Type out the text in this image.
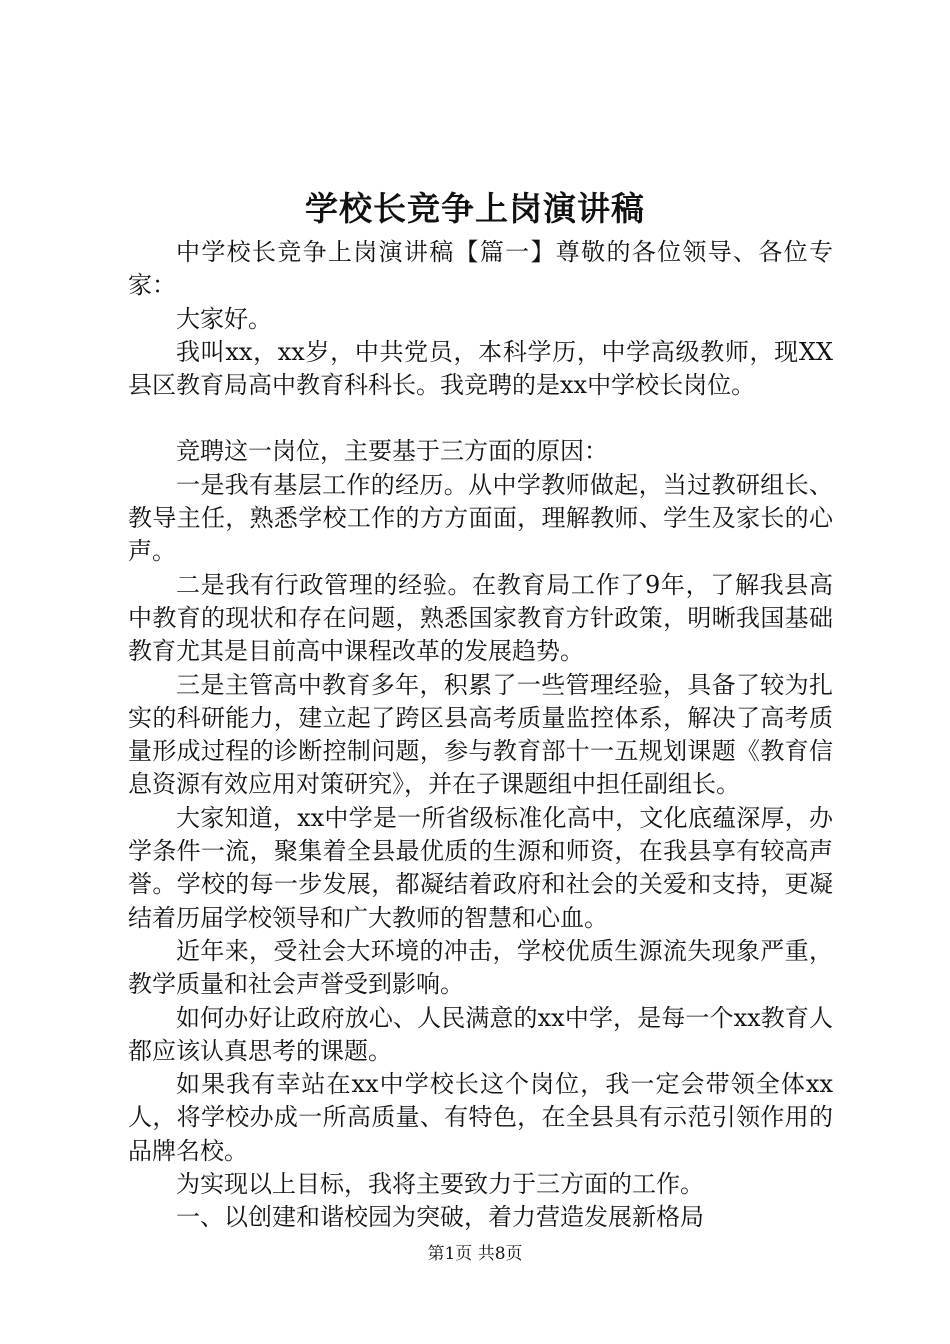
学校长竞争上岗演讲稿

中学校长竞争上岗演讲稿【篇一】尊敬的各位领导、各位专家：

大家好。

我叫xx，xx岁，中共党员，本科学历，中学高级教师，现XX县区教育局高中教育科科长。我竞聘的是xx中学校长岗位。

竞聘这一岗位，主要基于三方面的原因：

一是我有基层工作的经历。从中学教师做起，当过教研组长、教导主任，熟悉学校工作的方方面面，理解教师、学生及家长的心声。

二是我有行政管理的经验。在教育局工作了9年，了解我县高中教育的现状和存在问题，熟悉国家教育方针政策，明晰我国基础教育尤其是目前高中课程改革的发展趋势。

三是主管高中教育多年，积累了一些管理经验，具备了较为扎实的科研能力，建立起了跨区县高考质量监控体系，解决了高考质量形成过程的诊断控制问题，参与教育部十一五规划课题《教育信息资源有效应用对策研究》，并在子课题组中担任副组长。

大家知道，xx中学是一所省级标准化高中，文化底蕴深厚，办学条件一流，聚集着全县最优质的生源和师资，在我县享有较高声誉。学校的每一步发展，都凝结着政府和社会的关爱和支持，更凝结着历届学校领导和广大教师的智慧和心血。

近年来，受社会大环境的冲击，学校优质生源流失现象严重，教学质量和社会声誉受到影响。

如何办好让政府放心、人民满意的xx中学，是每一个xx教育人都应该认真思考的课题。

如果我有幸站在xx中学校长这个岗位，我一定会带领全体xx人，将学校办成一所高质量、有特色，在全县具有示范引领作用的品牌名校。

为实现以上目标，我将主要致力于三方面的工作。

一、以创建和谐校园为突破，着力营造发展新格局

第1页 共8页
